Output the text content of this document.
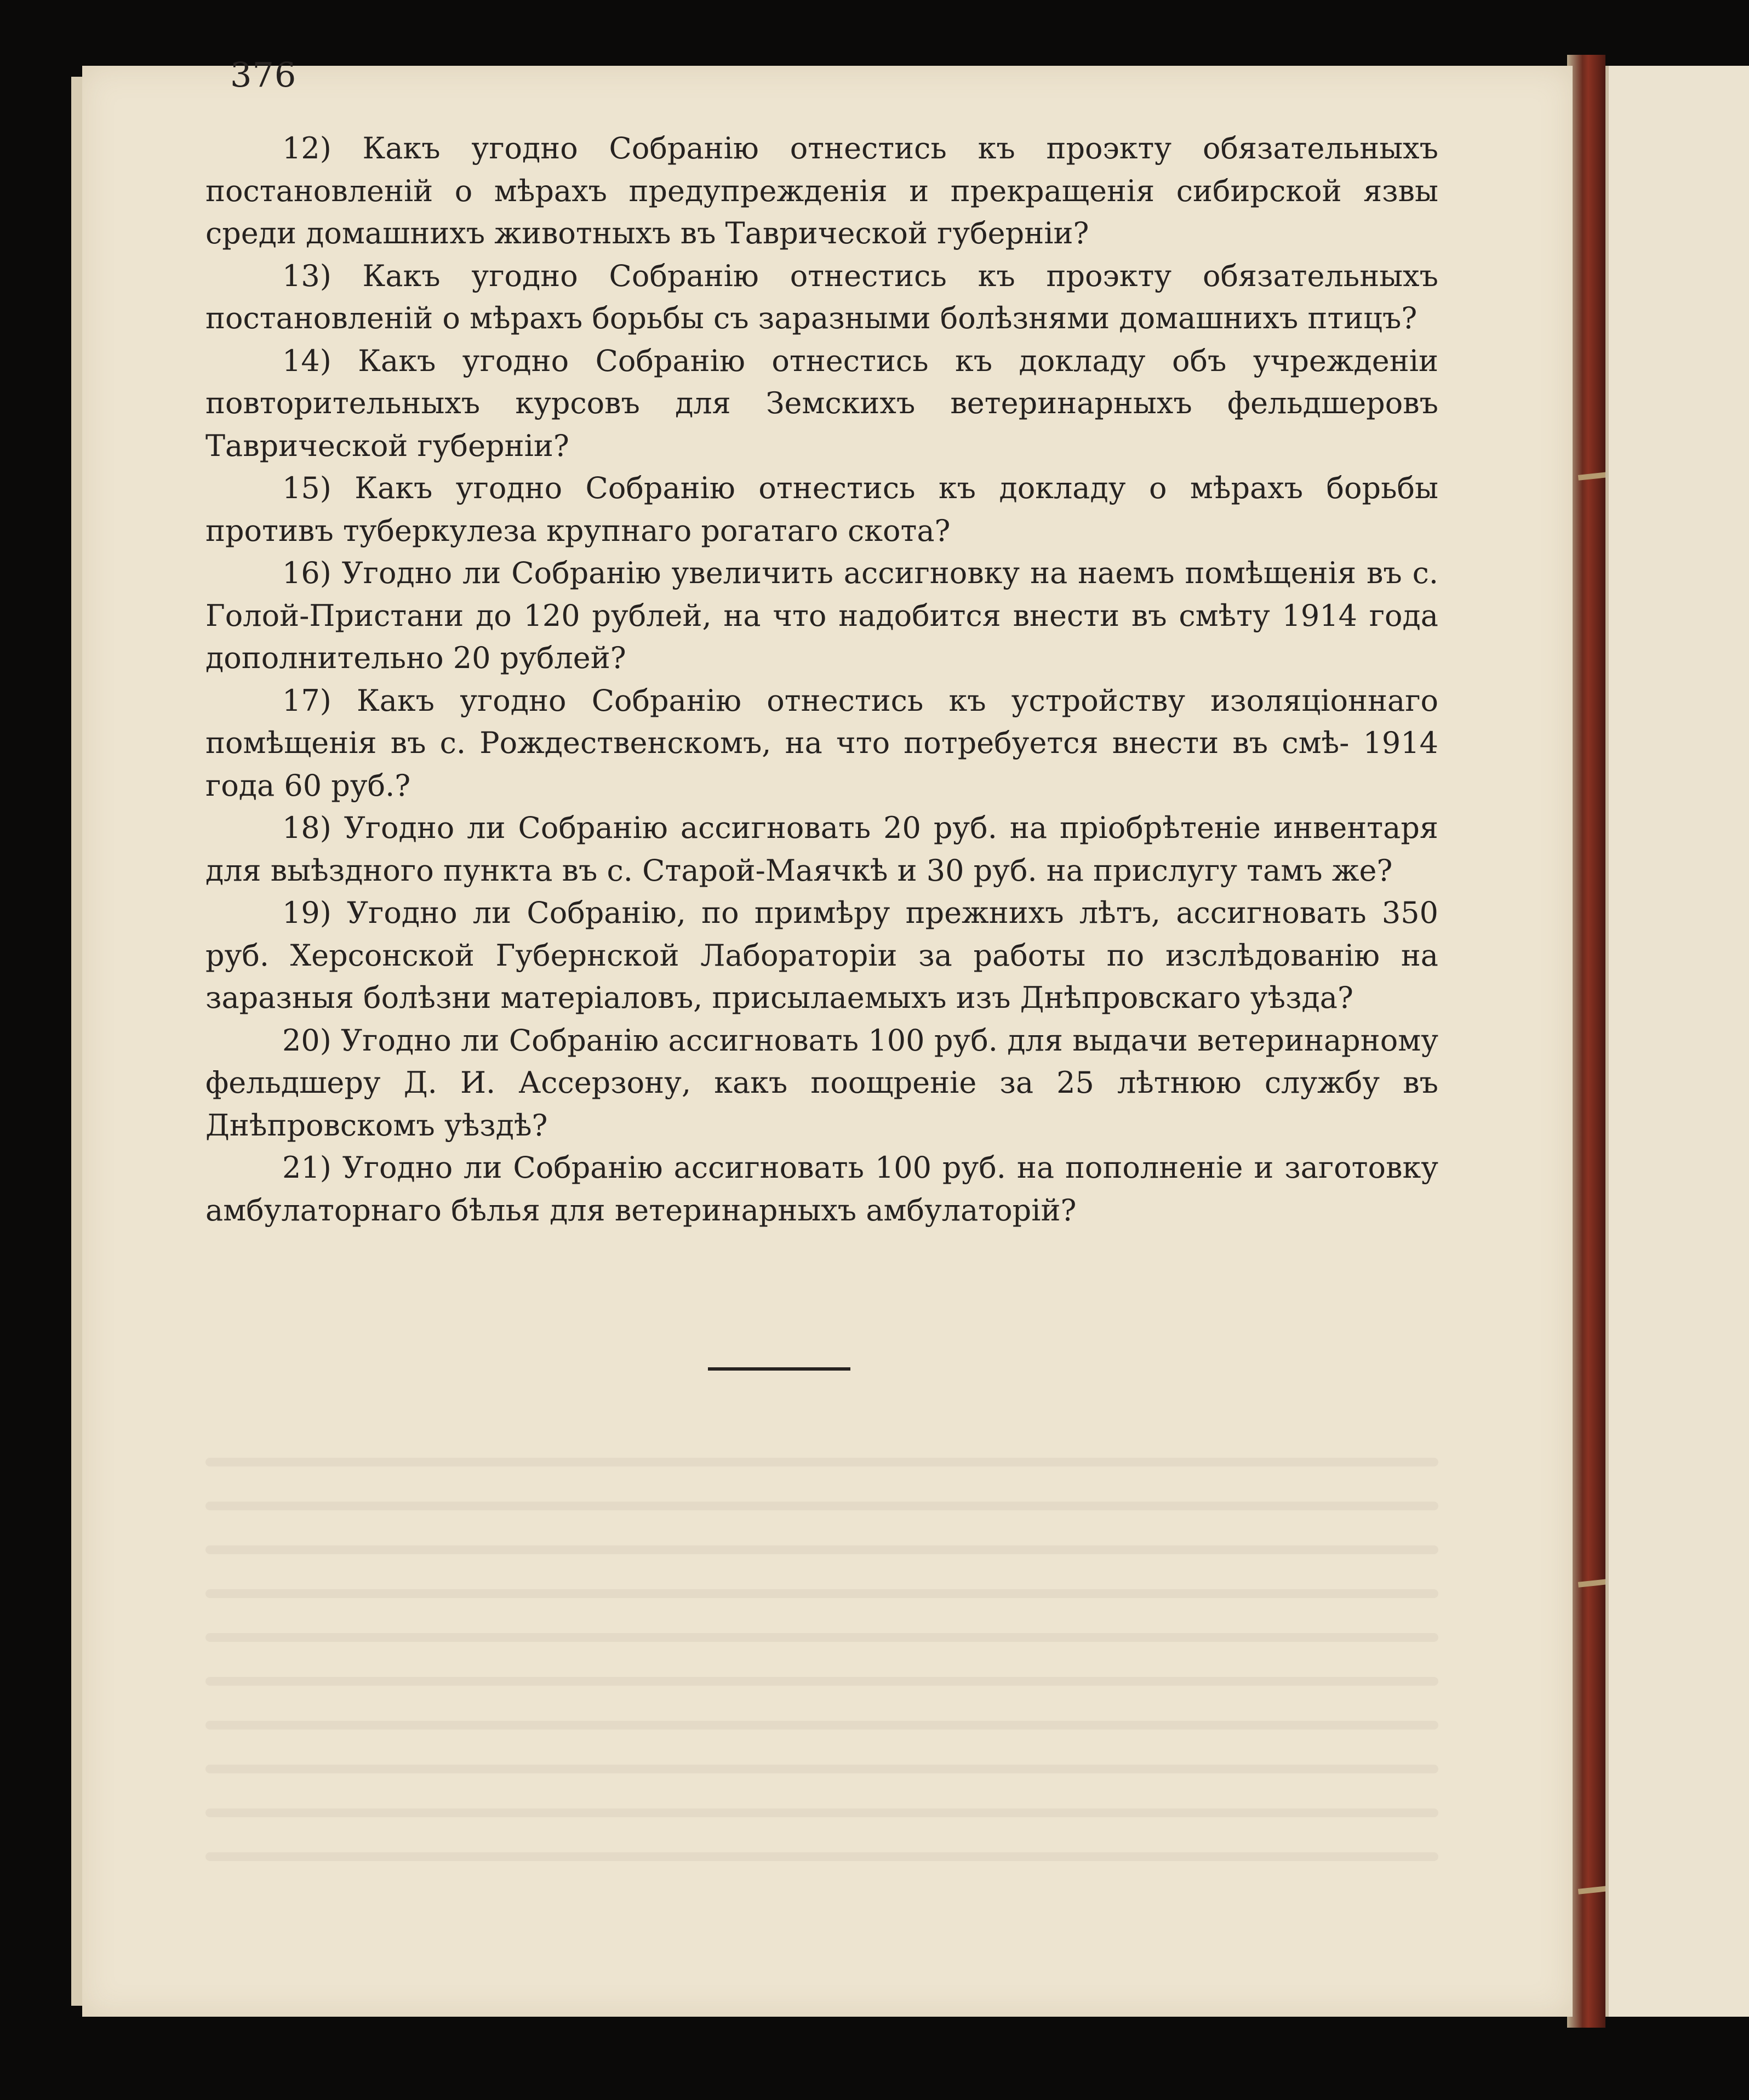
376

12) Какъ угодно Собранію отнестись къ проэкту обязательныхъ постановленій о мѣрахъ предупрежденія и прекращенія сибирской язвы среди домашнихъ животныхъ въ Таврической губерніи?

13) Какъ угодно Собранію отнестись къ проэкту обязательныхъ постановленій о мѣрахъ борьбы съ заразными болѣзнями домашнихъ птицъ?

14) Какъ угодно Собранію отнестись къ докладу объ учрежденіи повторительныхъ курсовъ для Земскихъ ветеринарныхъ фельдшеровъ Таврической губерніи?

15) Какъ угодно Собранію отнестись къ докладу о мѣрахъ борьбы противъ туберкулеза крупнаго рогатаго скота?

16) Угодно ли Собранію увеличить ассигновку на наемъ помѣщенія въ с. Голой-Пристани до 120 рублей, на что надобится внести въ смѣту 1914 года дополнительно 20 рублей?

17) Какъ угодно Собранію отнестись къ устройству изоляціоннаго помѣщенія въ с. Рождественскомъ, на что потребуется внести въ смѣ- 1914 года 60 руб.?

18) Угодно ли Собранію ассигновать 20 руб. на пріобрѣтеніе инвентаря для выѣздного пункта въ с. Старой-Маячкѣ и 30 руб. на прислугу тамъ же?

19) Угодно ли Собранію, по примѣру прежнихъ лѣтъ, ассигновать 350 руб. Херсонской Губернской Лабораторіи за работы по изслѣдованію на заразныя болѣзни матеріаловъ, присылаемыхъ изъ Днѣпровскаго уѣзда?

20) Угодно ли Собранію ассигновать 100 руб. для выдачи ветеринарному фельдшеру Д. И. Ассерзону, какъ поощреніе за 25 лѣтнюю службу въ Днѣпровскомъ уѣздѣ?

21) Угодно ли Собранію ассигновать 100 руб. на пополненіе и заготовку амбулаторнаго бѣлья для ветеринарныхъ амбулаторій?
